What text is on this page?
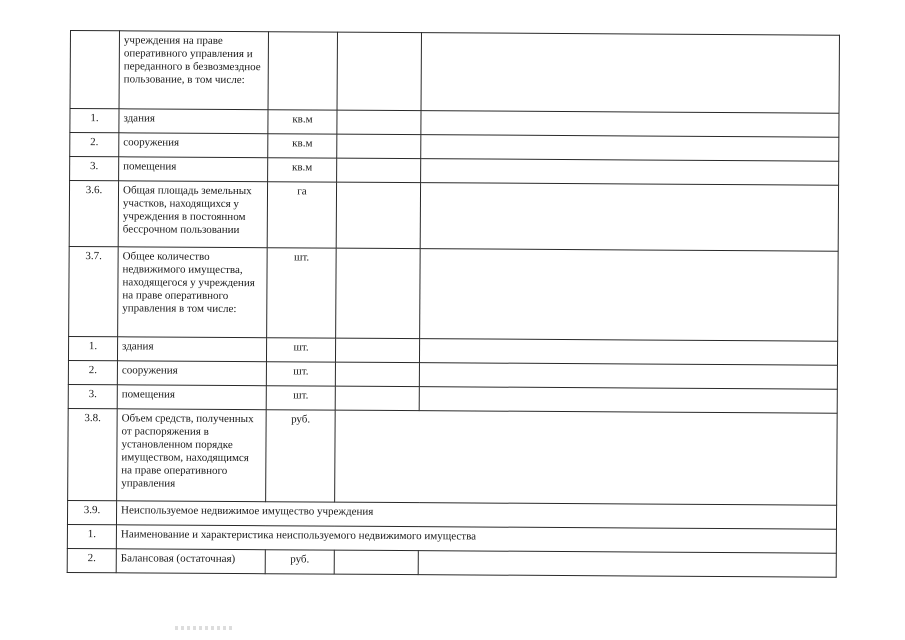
	учреждения на праве оперативного управления и переданного в безвозмездное пользование, в том числе:			
1.	здания	кв.м		
2.	сооружения	кв.м		
3.	помещения	кв.м		
3.6.	Общая площадь земельных участков, находящихся у учреждения в постоянном бессрочном пользовании	га		
3.7.	Общее количество недвижимого имущества, находящегося у учреждения на праве оперативного управления в том числе:	шт.		
1.	здания	шт.		
2.	сооружения	шт.		
3.	помещения	шт.		
3.8.	Объем средств, полученных от распоряжения в установленном порядке имуществом, находящимся на праве оперативного управления	руб.		
3.9.	Неиспользуемое недвижимое имущество учреждения			
1.	Наименование и характеристика неиспользуемого недвижимого имущества			
2.	Балансовая (остаточная)	руб.		
